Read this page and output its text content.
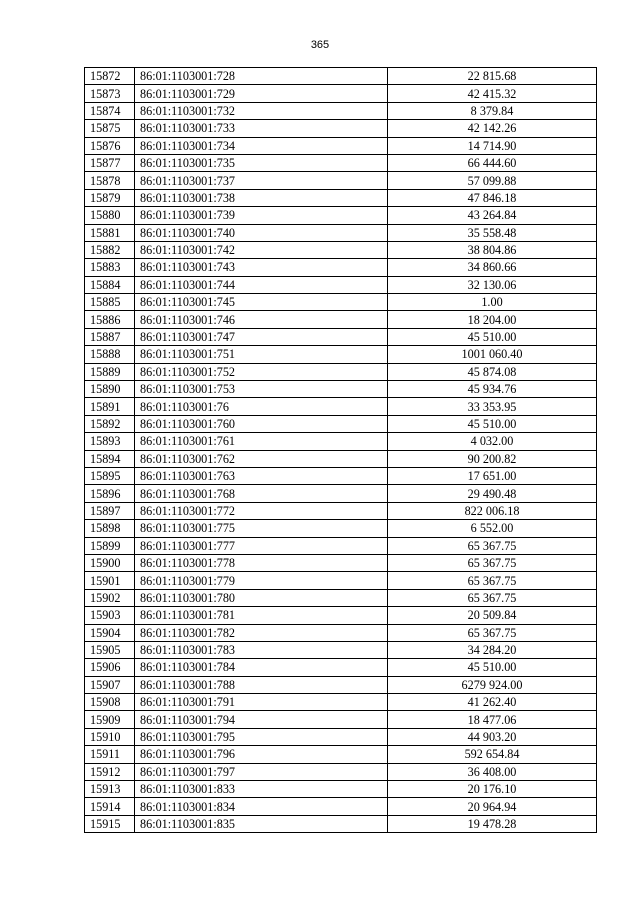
365
15872	86:01:1103001:728	22 815.68
15873	86:01:1103001:729	42 415.32
15874	86:01:1103001:732	8 379.84
15875	86:01:1103001:733	42 142.26
15876	86:01:1103001:734	14 714.90
15877	86:01:1103001:735	66 444.60
15878	86:01:1103001:737	57 099.88
15879	86:01:1103001:738	47 846.18
15880	86:01:1103001:739	43 264.84
15881	86:01:1103001:740	35 558.48
15882	86:01:1103001:742	38 804.86
15883	86:01:1103001:743	34 860.66
15884	86:01:1103001:744	32 130.06
15885	86:01:1103001:745	1.00
15886	86:01:1103001:746	18 204.00
15887	86:01:1103001:747	45 510.00
15888	86:01:1103001:751	1001 060.40
15889	86:01:1103001:752	45 874.08
15890	86:01:1103001:753	45 934.76
15891	86:01:1103001:76	33 353.95
15892	86:01:1103001:760	45 510.00
15893	86:01:1103001:761	4 032.00
15894	86:01:1103001:762	90 200.82
15895	86:01:1103001:763	17 651.00
15896	86:01:1103001:768	29 490.48
15897	86:01:1103001:772	822 006.18
15898	86:01:1103001:775	6 552.00
15899	86:01:1103001:777	65 367.75
15900	86:01:1103001:778	65 367.75
15901	86:01:1103001:779	65 367.75
15902	86:01:1103001:780	65 367.75
15903	86:01:1103001:781	20 509.84
15904	86:01:1103001:782	65 367.75
15905	86:01:1103001:783	34 284.20
15906	86:01:1103001:784	45 510.00
15907	86:01:1103001:788	6279 924.00
15908	86:01:1103001:791	41 262.40
15909	86:01:1103001:794	18 477.06
15910	86:01:1103001:795	44 903.20
15911	86:01:1103001:796	592 654.84
15912	86:01:1103001:797	36 408.00
15913	86:01:1103001:833	20 176.10
15914	86:01:1103001:834	20 964.94
15915	86:01:1103001:835	19 478.28
